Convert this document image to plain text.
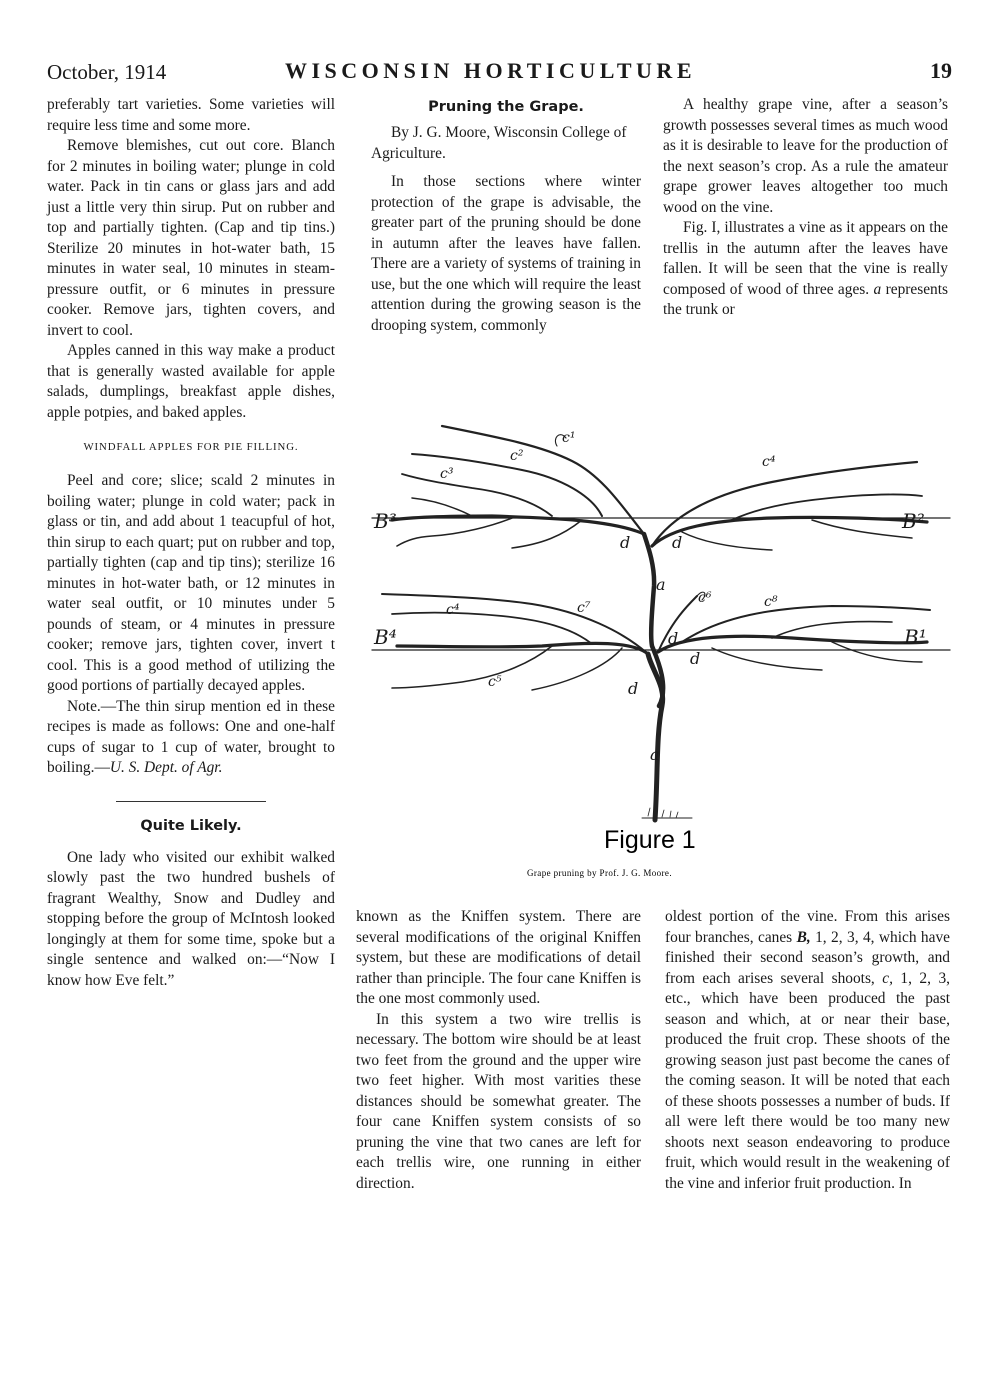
October, 1914	WISCONSIN HORTICULTURE	19

preferably tart varieties. Some varieties will require less time and some more.

Remove blemishes, cut out core. Blanch for 2 minutes in boiling water; plunge in cold water. Pack in tin cans or glass jars and add just a little very thin sirup. Put on rubber and top and partially tighten. (Cap and tip tins.) Sterilize 20 minutes in hot-water bath, 15 minutes in water seal, 10 minutes in steam-pressure outfit, or 6 minutes in pressure cooker. Remove jars, tighten covers, and invert to cool.

Apples canned in this way make a product that is generally wasted available for apple salads, dumplings, breakfast apple dishes, apple potpies, and baked apples.

WINDFALL APPLES FOR PIE FILLING.

Peel and core; slice; scald 2 minutes in boiling water; plunge in cold water; pack in glass or tin, and add about 1 teacupful of hot, thin sirup to each quart; put on rubber and top, partially tighten (cap and tip tins); sterilize 16 minutes in hot-water bath, or 12 minutes in water seal outfit, or 10 minutes under 5 pounds of steam, or 4 minutes in pressure cooker; remove jars, tighten cover, invert t cool. This is a good method of utilizing the good portions of partially decayed apples.

Note.—The thin sirup mention ed in these recipes is made as follows: One and one-half cups of sugar to 1 cup of water, brought to boiling.—U. S. Dept. of Agr.

Quite Likely.

One lady who visited our exhibit walked slowly past the two hundred bushels of fragrant Wealthy, Snow and Dudley and stopping before the group of McIntosh looked longingly at them for some time, spoke but a single sentence and walked on:—“Now I know how Eve felt.”

Pruning the Grape.

By J. G. Moore, Wisconsin College of Agriculture.

In those sections where winter protection of the grape is advisable, the greater part of the pruning should be done in autumn after the leaves have fallen. There are a variety of systems of training in use, but the one which will require the least attention during the growing season is the drooping system, commonly

A healthy grape vine, after a season’s growth possesses several times as much wood as it is desirable to leave for the production of the next season’s crop. As a rule the amateur grape grower leaves altogether too much wood on the vine.

Fig. I, illustrates a vine as it appears on the trellis in the autumn after the leaves have fallen. It will be seen that the vine is really composed of wood of three ages. a represents the trunk or

c¹
c²
c³
c⁴
B³	B²
d	d
a
c⁴	c⁷
c⁶	c⁸
B⁴	B¹
d
d
c⁵	d
a
Figure 1
Grape pruning by Prof. J. G. Moore.

known as the Kniffen system. There are several modifications of the original Kniffen system, but these are modifications of detail rather than principle. The four cane Kniffen is the one most commonly used.

In this system a two wire trellis is necessary. The bottom wire should be at least two feet from the ground and the upper wire two feet higher. With most varities these distances should be somewhat greater. The four cane Kniffen system consists of so pruning the vine that two canes are left for each trellis wire, one running in either direction.

oldest portion of the vine. From this arises four branches, canes B, 1, 2, 3, 4, which have finished their second season’s growth, and from each arises several shoots, c, 1, 2, 3, etc., which have been produced the past season and which, at or near their base, produced the fruit crop. These shoots of the growing season just past become the canes of the coming season. It will be noted that each of these shoots possesses a number of buds. If all were left there would be too many new shoots next season endeavoring to produce fruit, which would result in the weakening of the vine and inferior fruit production. In
